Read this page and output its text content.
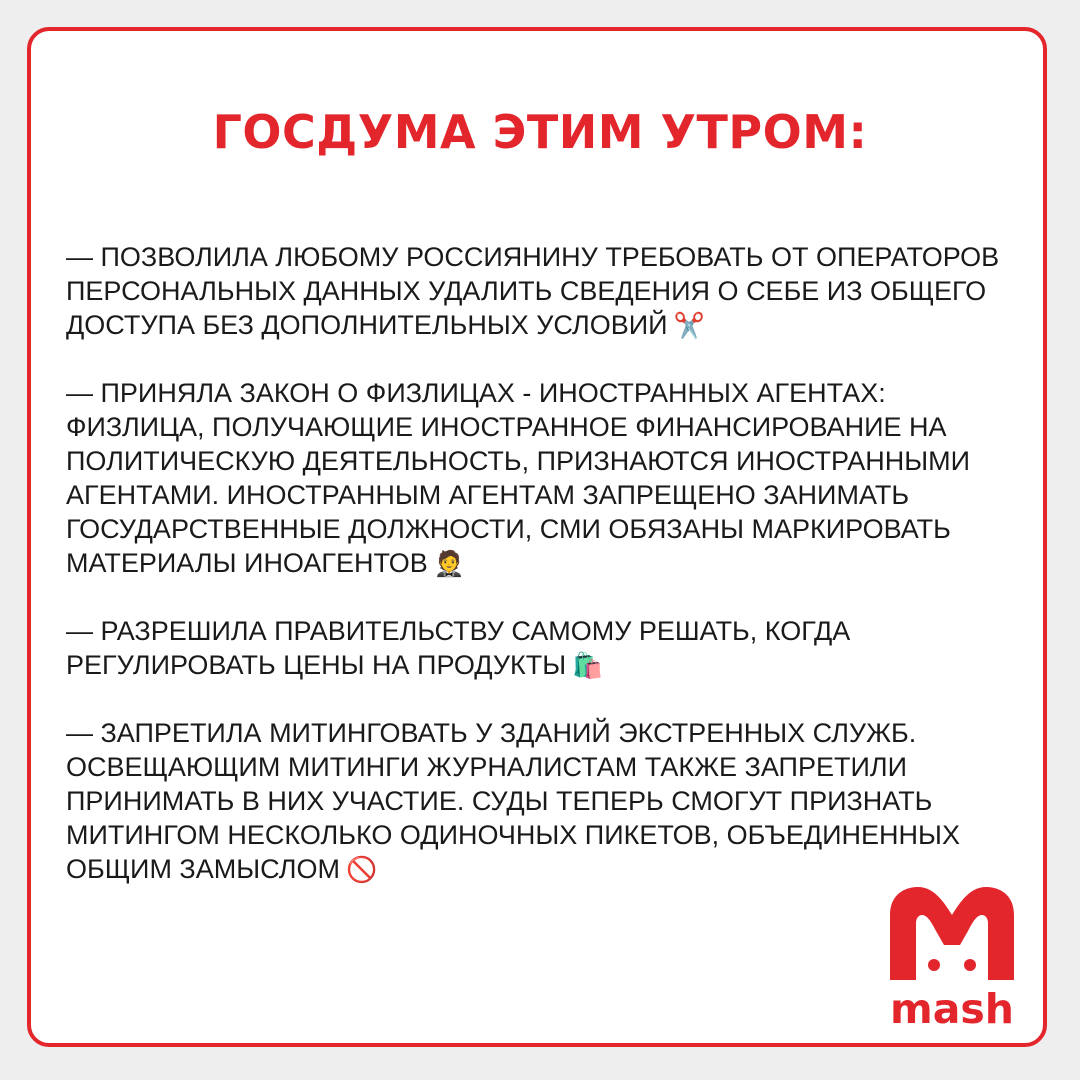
ГОСДУМА ЭТИМ УТРОМ:

— ПОЗВОЛИЛА ЛЮБОМУ РОССИЯНИНУ ТРЕБОВАТЬ ОТ ОПЕРАТОРОВ ПЕРСОНАЛЬНЫХ ДАННЫХ УДАЛИТЬ СВЕДЕНИЯ О СЕБЕ ИЗ ОБЩЕГО ДОСТУПА БЕЗ ДОПОЛНИТЕЛЬНЫХ УСЛОВИЙ ✂️

— ПРИНЯЛА ЗАКОН О ФИЗЛИЦАХ - ИНОСТРАННЫХ АГЕНТАХ: ФИЗЛИЦА, ПОЛУЧАЮЩИЕ ИНОСТРАННОЕ ФИНАНСИРОВАНИЕ НА ПОЛИТИЧЕСКУЮ ДЕЯТЕЛЬНОСТЬ, ПРИЗНАЮТСЯ ИНОСТРАННЫМИ АГЕНТАМИ. ИНОСТРАННЫМ АГЕНТАМ ЗАПРЕЩЕНО ЗАНИМАТЬ ГОСУДАРСТВЕННЫЕ ДОЛЖНОСТИ, СМИ ОБЯЗАНЫ МАРКИРОВАТЬ МАТЕРИАЛЫ ИНОАГЕНТОВ 🤵

— РАЗРЕШИЛА ПРАВИТЕЛЬСТВУ САМОМУ РЕШАТЬ, КОГДА РЕГУЛИРОВАТЬ ЦЕНЫ НА ПРОДУКТЫ 🛍️

— ЗАПРЕТИЛА МИТИНГОВАТЬ У ЗДАНИЙ ЭКСТРЕННЫХ СЛУЖБ. ОСВЕЩАЮЩИМ МИТИНГИ ЖУРНАЛИСТАМ ТАКЖЕ ЗАПРЕТИЛИ ПРИНИМАТЬ В НИХ УЧАСТИЕ. СУДЫ ТЕПЕРЬ СМОГУТ ПРИЗНАТЬ МИТИНГОМ НЕСКОЛЬКО ОДИНОЧНЫХ ПИКЕТОВ, ОБЪЕДИНЕННЫХ ОБЩИМ ЗАМЫСЛОМ 🚫

mash
